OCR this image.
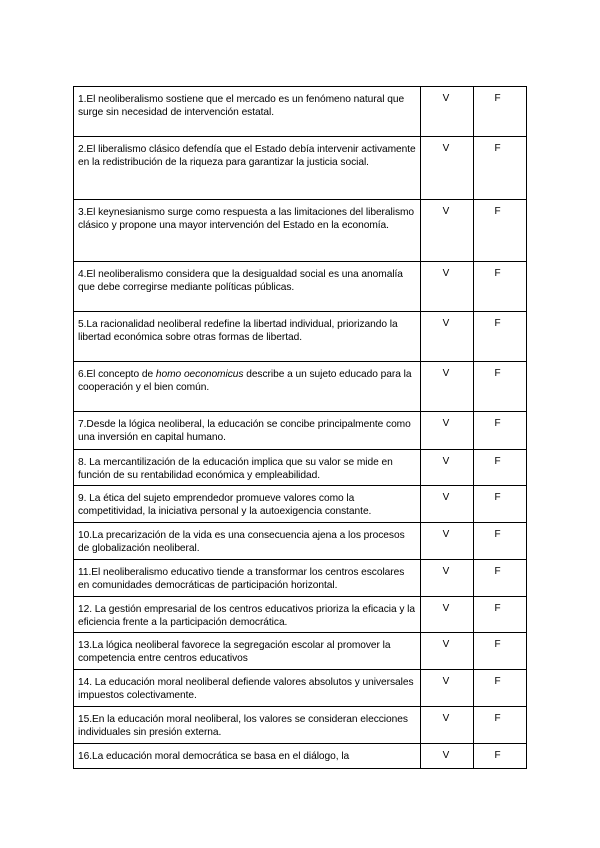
1.El neoliberalismo sostiene que el mercado es un fenómeno natural que surge sin necesidad de intervención estatal.	V	F
2.El liberalismo clásico defendía que el Estado debía intervenir activamente en la redistribución de la riqueza para garantizar la justicia social.	V	F
3.El keynesianismo surge como respuesta a las limitaciones del liberalismo clásico y propone una mayor intervención del Estado en la economía.	V	F
4.El neoliberalismo considera que la desigualdad social es una anomalía que debe corregirse mediante políticas públicas.	V	F
5.La racionalidad neoliberal redefine la libertad individual, priorizando la libertad económica sobre otras formas de libertad.	V	F
6.El concepto de homo oeconomicus describe a un sujeto educado para la cooperación y el bien común.	V	F
7.Desde la lógica neoliberal, la educación se concibe principalmente como una inversión en capital humano.	V	F
8. La mercantilización de la educación implica que su valor se mide en función de su rentabilidad económica y empleabilidad.	V	F
9. La ética del sujeto emprendedor promueve valores como la competitividad, la iniciativa personal y la autoexigencia constante.	V	F
10.La precarización de la vida es una consecuencia ajena a los procesos de globalización neoliberal.	V	F
11.El neoliberalismo educativo tiende a transformar los centros escolares en comunidades democráticas de participación horizontal.	V	F
12. La gestión empresarial de los centros educativos prioriza la eficacia y la eficiencia frente a la participación democrática.	V	F
13.La lógica neoliberal favorece la segregación escolar al promover la competencia entre centros educativos	V	F
14. La educación moral neoliberal defiende valores absolutos y universales impuestos colectivamente.	V	F
15.En la educación moral neoliberal, los valores se consideran elecciones individuales sin presión externa.	V	F
16.La educación moral democrática se basa en el diálogo, la	V	F
